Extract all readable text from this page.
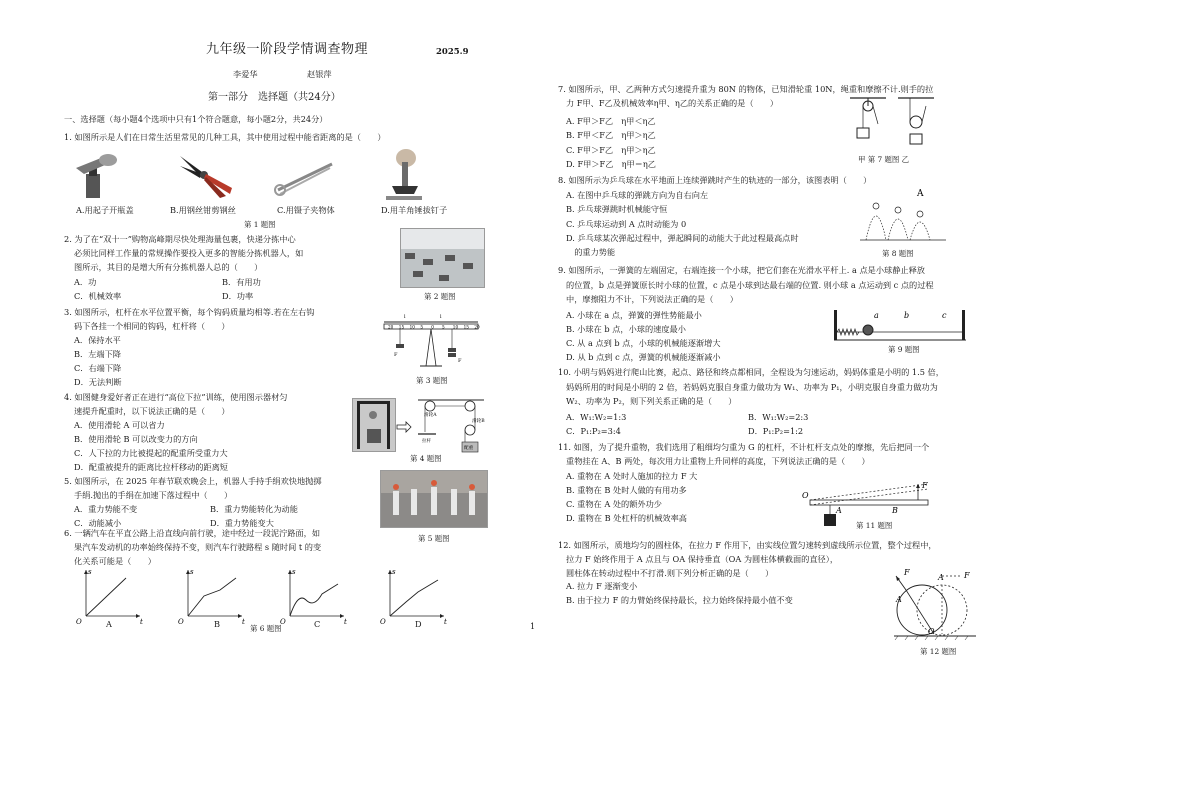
九年级一阶段学情调查物理	2025.9
李爱华	赵银萍
第一部分　选择题（共24分）
一、选择题（每小题4个选项中只有1个符合题意，每小题2分，共24分）
1. 如图所示是人们在日常生活里常见的几种工具，其中使用过程中能省距离的是（　　）
A.用起子开瓶盖	B.用钢丝钳剪钢丝	C.用镊子夹物体	D.用羊角锤拔钉子
第 1 题图
2. 为了在“双十一”购物高峰期尽快处理海量包裹，快递分拣中心
必须比同样工作量的常规操作要投入更多的智能分拣机器人，如
图所示，其目的是增大所有分拣机器人总的（　　）
A．功	B．有用功
C．机械效率	D．功率	第 2 题图
3. 如图所示，杠杆在水平位置平衡，每个钩码质量均相等.若在左右钩
码下各挂一个相同的钩码，杠杆将（　　）
A．保持水平
B．左端下降
C．右端下降
D．无法判断
20 15 10 5 0 5 10 15 20
l	l
F
F
第 3 题图
4. 如图健身爱好者正在进行“高位下拉”训练，使用图示器材匀
速提升配重时，以下说法正确的是（　　）
A．使用滑轮 A 可以省力
B．使用滑轮 B 可以改变力的方向
C．人下拉的力比被提起的配重所受重力大
D．配重被提升的距离比拉杆移动的距离短
滑轮A
滑轮B
拉杆
配重
第 4 题图
5. 如图所示，在 2025 年春节联欢晚会上，机器人手持手绢欢快地抛掷
手绢.抛出的手绢在加速下落过程中（　　）
A．重力势能不变	B．重力势能转化为动能
C．动能减小	D．重力势能变大
第 5 题图
6. 一辆汽车在平直公路上沿直线向前行驶，途中经过一段泥泞路面，如
果汽车发动机的功率始终保持不变，则汽车行驶路程 s 随时间 t 的变
化关系可能是（　　）
s
t
O
s
t
O
s
t
O
s
t
O
A	B	C	D
第 6 题图	1
7. 如图所示，甲、乙两种方式匀速提升重为 80N 的物体，已知滑轮重 10N，绳重和摩擦不计.则手的拉
力 F甲、F乙及机械效率η甲、η乙的关系正确的是（　　）
A. F甲＞F乙　η甲＜η乙
B. F甲＜F乙　η甲＞η乙
C. F甲＞F乙　η甲＞η乙
D. F甲＞F乙　η甲＝η乙	甲 第 7 题图 乙
8. 如图所示为乒乓球在水平地面上连续弹跳时产生的轨迹的一部分，该图表明（　　）
A. 在图中乒乓球的弹跳方向为自右向左
B. 乒乓球弹跳时机械能守恒
C. 乒乓球运动到 A 点时动能为 0
D. 乒乓球某次弹起过程中，弹起瞬间的动能大于此过程最高点时
　的重力势能
A
第 8 题图
9. 如图所示，一弹簧的左端固定，右端连接一个小球，把它们套在光滑水平杆上. a 点是小球静止释放
的位置，b 点是弹簧原长时小球的位置，c 点是小球到达最右端的位置. 则小球 a 点运动到 c 点的过程
中，摩擦阻力不计，下列说法正确的是（　　）
A. 小球在 a 点，弹簧的弹性势能最小
B. 小球在 b 点，小球的速度最小
C. 从 a 点到 b 点，小球的机械能逐渐增大
D. 从 b 点到 c 点，弹簧的机械能逐渐减小
a	b	c
第 9 题图
10. 小明与妈妈进行爬山比赛，起点、路径和终点都相同，全程设为匀速运动，妈妈体重是小明的 1.5 倍，
妈妈所用的时间是小明的 2 倍，若妈妈克服自身重力做功为 W₁、功率为 P₁，小明克服自身重力做功为
W₂、功率为 P₂，则下列关系正确的是（　　）
A．W₁:W₂=1:3	B．W₁:W₂=2:3
C．P₁:P₂=3:4	D．P₁:P₂=1:2
11. 如图，为了提升重物，我们选用了粗细均匀重为 G 的杠杆，不计杠杆支点处的摩擦，先后把同一个
重物挂在 A、B 两处，每次用力让重物上升同样的高度，下列说法正确的是（　　）
A. 重物在 A 处时人施加的拉力 F 大
B. 重物在 B 处时人做的有用功多
C. 重物在 A 处的额外功少
D. 重物在 B 处杠杆的机械效率高
O
A	B
F
第 11 题图
12. 如图所示，质地均匀的圆柱体，在拉力 F 作用下，由实线位置匀速转到虚线所示位置，整个过程中，
拉力 F 始终作用于 A 点且与 OA 保持垂直（OA 为圆柱体横截面的直径），
圆柱体在转动过程中不打滑.则下列分析正确的是（　　）
A. 拉力 F 逐渐变小
B. 由于拉力 F 的力臂始终保持最长，拉力始终保持最小值不变
F	F
A
A
O
第 12 题图
